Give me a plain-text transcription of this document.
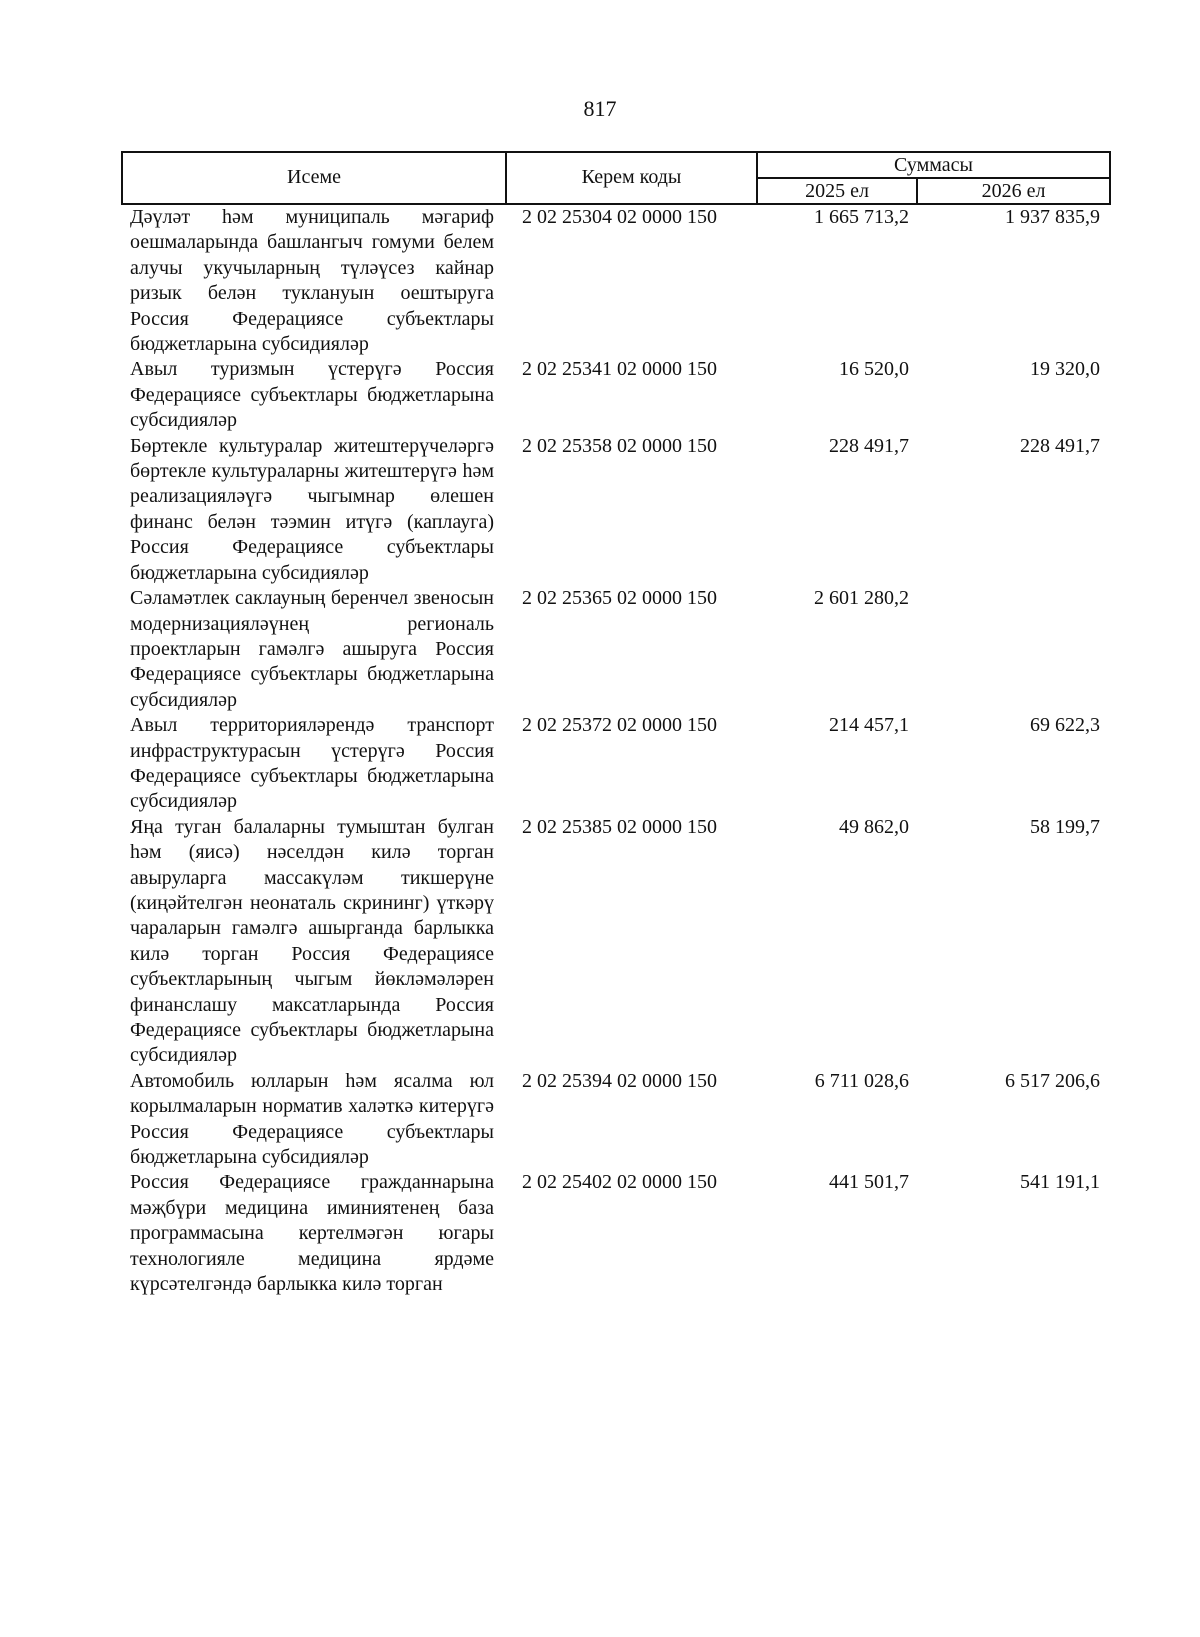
817
Исеме	Керем коды	Суммасы	
		2025 ел	2026 ел
Дәүләт һәм муниципаль мәгариф оешмаларында башлангыч гомуми белем алучы укучыларның түләүсез кайнар ризык белән туклануын оештыруга Россия Федерациясе субъектлары бюджетларына субсидияләр	2 02 25304 02 0000 150	1 665 713,2	1 937 835,9
Авыл туризмын үстерүгә Россия Федерациясе субъектлары бюджетларына субсидияләр	2 02 25341 02 0000 150	16 520,0	19 320,0
Бөртекле культуралар житештерүчеләргә бөртекле культураларны житештерүгә һәм реализацияләүгә чыгымнар өлешен финанс белән тәэмин итүгә (каплауга) Россия Федерациясе субъектлары бюджетларына субсидияләр	2 02 25358 02 0000 150	228 491,7	228 491,7
Сәламәтлек саклауның беренчел звеносын модернизацияләүнең региональ проектларын гамәлгә ашыруга Россия Федерациясе субъектлары бюджетларына субсидияләр	2 02 25365 02 0000 150	2 601 280,2	
Авыл территорияләрендә транспорт инфраструктурасын үстерүгә Россия Федерациясе субъектлары бюджетларына субсидияләр	2 02 25372 02 0000 150	214 457,1	69 622,3
Яңа туган балаларны тумыштан булган һәм (яисә) нәселдән килә торган авыруларга массакүләм тикшерүне (киңәйтелгән неонаталь скрининг) үткәрү чараларын гамәлгә ашырганда барлыкка килә торган Россия Федерациясе субъектларының чыгым йөкләмәләрен финанслашу максатларында Россия Федерациясе субъектлары бюджетларына субсидияләр	2 02 25385 02 0000 150	49 862,0	58 199,7
Автомобиль юлларын һәм ясалма юл корылмаларын норматив халәткә китерүгә Россия Федерациясе субъектлары бюджетларына субсидияләр	2 02 25394 02 0000 150	6 711 028,6	6 517 206,6
Россия Федерациясе гражданнарына мәҗбүри медицина иминиятенең база программасына кертелмәгән югары технологияле медицина ярдәме күрсәтелгәндә барлыкка килә торган	2 02 25402 02 0000 150	441 501,7	541 191,1
